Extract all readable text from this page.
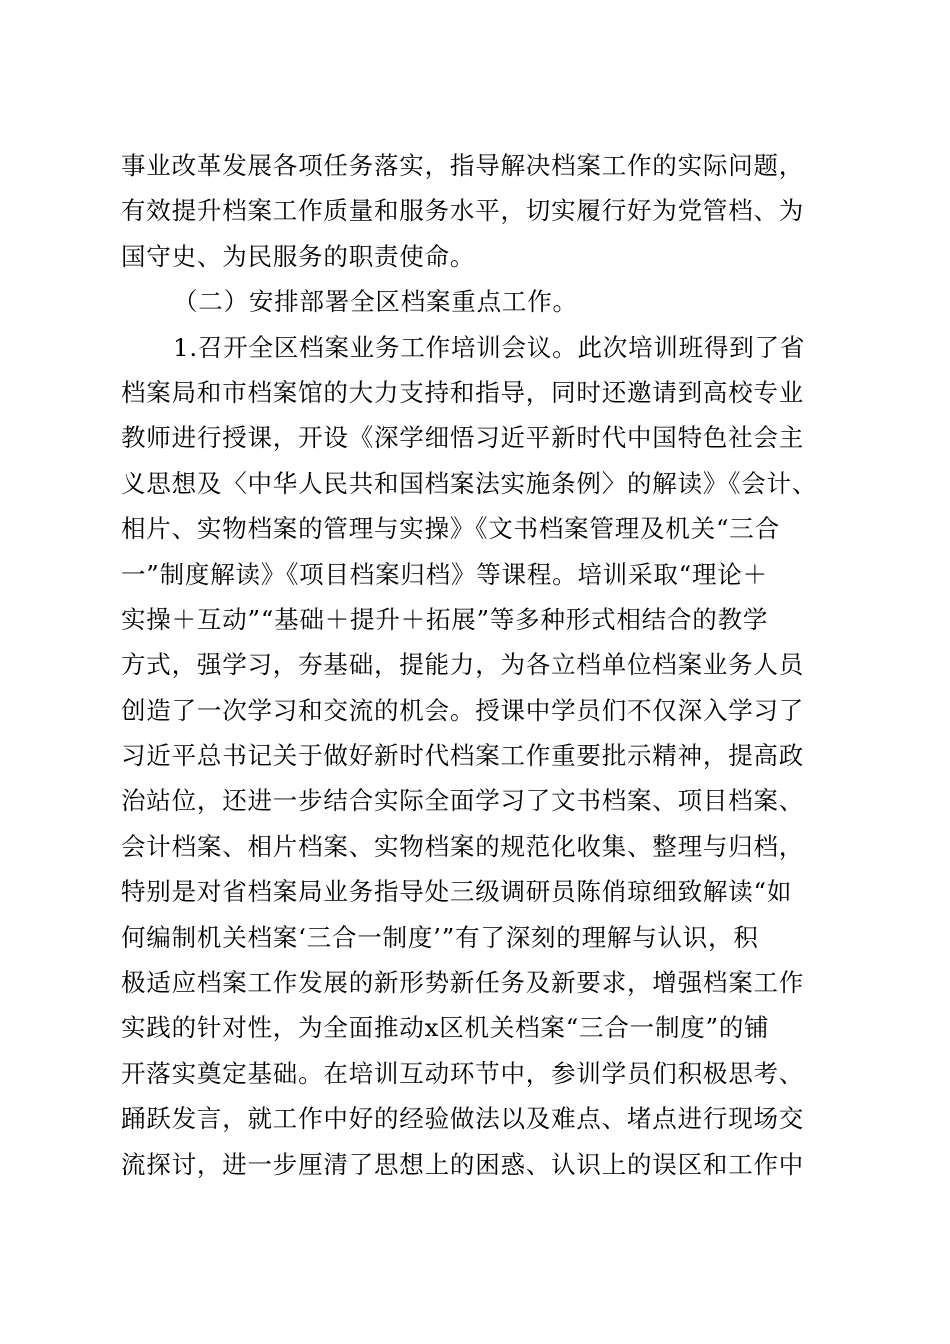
事业改革发展各项任务落实，指导解决档案工作的实际问题，

有效提升档案工作质量和服务水平，切实履行好为党管档、为

国守史、为民服务的职责使命。

（二）安排部署全区档案重点工作。

1.召开全区档案业务工作培训会议。此次培训班得到了省

档案局和市档案馆的大力支持和指导，同时还邀请到高校专业

教师进行授课，开设《深学细悟习近平新时代中国特色社会主

义思想及〈中华人民共和国档案法实施条例〉的解读》《会计、

相片、实物档案的管理与实操》《文书档案管理及机关“三合

一”制度解读》《项目档案归档》等课程。培训采取“理论＋

实操＋互动”“基础＋提升＋拓展”等多种形式相结合的教学

方式，强学习，夯基础，提能力，为各立档单位档案业务人员

创造了一次学习和交流的机会。授课中学员们不仅深入学习了

习近平总书记关于做好新时代档案工作重要批示精神，提高政

治站位，还进一步结合实际全面学习了文书档案、项目档案、

会计档案、相片档案、实物档案的规范化收集、整理与归档，

特别是对省档案局业务指导处三级调研员陈俏琼细致解读“如

何编制机关档案‘三合一制度’”有了深刻的理解与认识，积

极适应档案工作发展的新形势新任务及新要求，增强档案工作

实践的针对性，为全面推动x区机关档案“三合一制度”的铺

开落实奠定基础。在培训互动环节中，参训学员们积极思考、

踊跃发言，就工作中好的经验做法以及难点、堵点进行现场交

流探讨，进一步厘清了思想上的困惑、认识上的误区和工作中
